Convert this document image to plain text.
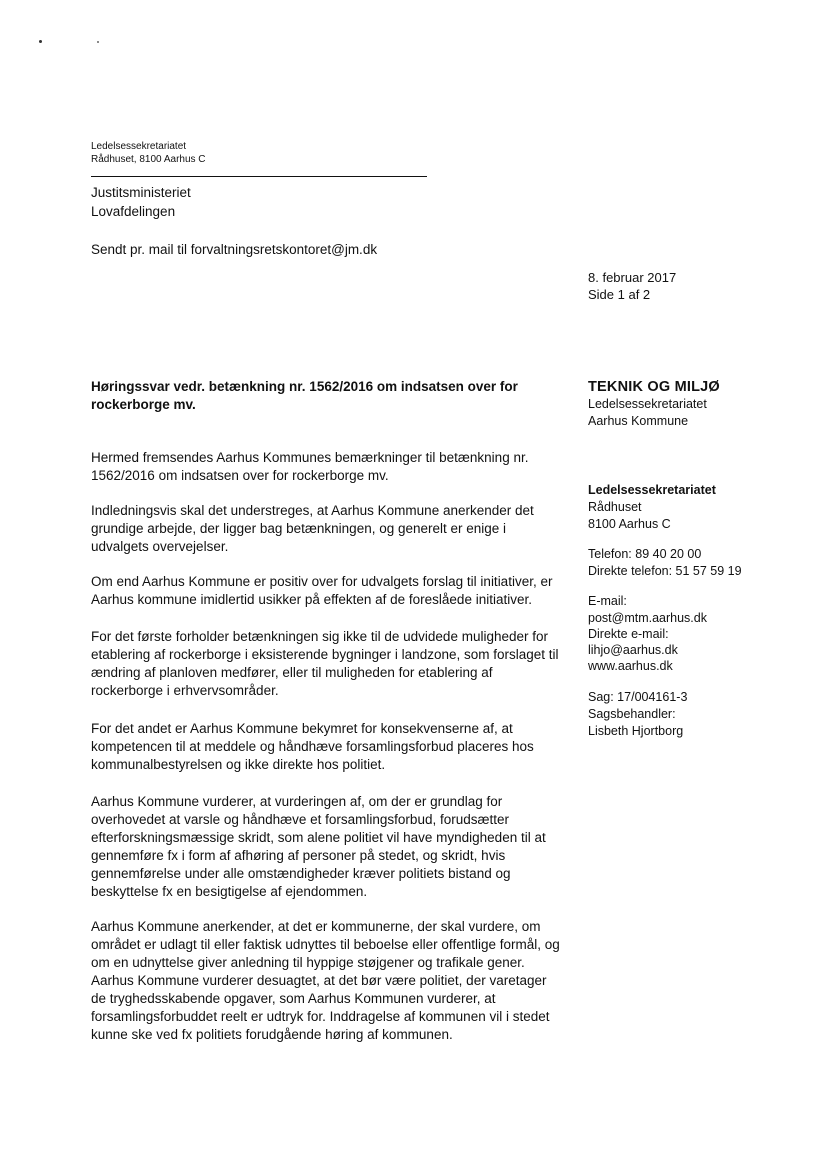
Ledelsessekretariatet
Rådhuset, 8100 Aarhus C
Justitsministeriet
Lovafdelingen
Sendt pr. mail til forvaltningsretskontoret@jm.dk
8. februar 2017
Side 1 af 2
Høringssvar vedr. betænkning nr. 1562/2016 om indsatsen over for rockerborge mv.
TEKNIK OG MILJØ
Ledelsessekretariatet
Aarhus Kommune
Ledelsessekretariatet
Rådhuset
8100 Aarhus C
Telefon: 89 40 20 00
Direkte telefon: 51 57 59 19
E-mail:
post@mtm.aarhus.dk
Direkte e-mail:
lihjo@aarhus.dk
www.aarhus.dk
Sag: 17/004161-3
Sagsbehandler:
Lisbeth Hjortborg

Hermed fremsendes Aarhus Kommunes bemærkninger til betænkning nr. 1562/2016 om indsatsen over for rockerborge mv.

Indledningsvis skal det understreges, at Aarhus Kommune anerkender det grundige arbejde, der ligger bag betænkningen, og generelt er enige i udvalgets overvejelser.

Om end Aarhus Kommune er positiv over for udvalgets forslag til initiativer, er Aarhus kommune imidlertid usikker på effekten af de foreslåede initiativer.

For det første forholder betænkningen sig ikke til de udvidede muligheder for etablering af rockerborge i eksisterende bygninger i landzone, som forslaget til ændring af planloven medfører, eller til muligheden for etablering af rockerborge i erhvervsområder.

For det andet er Aarhus Kommune bekymret for konsekvenserne af, at kompetencen til at meddele og håndhæve forsamlingsforbud placeres hos kommunalbestyrelsen og ikke direkte hos politiet.

Aarhus Kommune vurderer, at vurderingen af, om der er grundlag for overhovedet at varsle og håndhæve et forsamlingsforbud, forudsætter efterforskningsmæssige skridt, som alene politiet vil have myndigheden til at gennemføre fx i form af afhøring af personer på stedet, og skridt, hvis gennemførelse under alle omstændigheder kræver politiets bistand og beskyttelse fx en besigtigelse af ejendommen.

Aarhus Kommune anerkender, at det er kommunerne, der skal vurdere, om området er udlagt til eller faktisk udnyttes til beboelse eller offentlige formål, og om en udnyttelse giver anledning til hyppige støjgener og trafikale gener. Aarhus Kommune vurderer desuagtet, at det bør være politiet, der varetager de tryghedsskabende opgaver, som Aarhus Kommunen vurderer, at forsamlingsforbuddet reelt er udtryk for. Inddragelse af kommunen vil i stedet kunne ske ved fx politiets forudgående høring af kommunen.
